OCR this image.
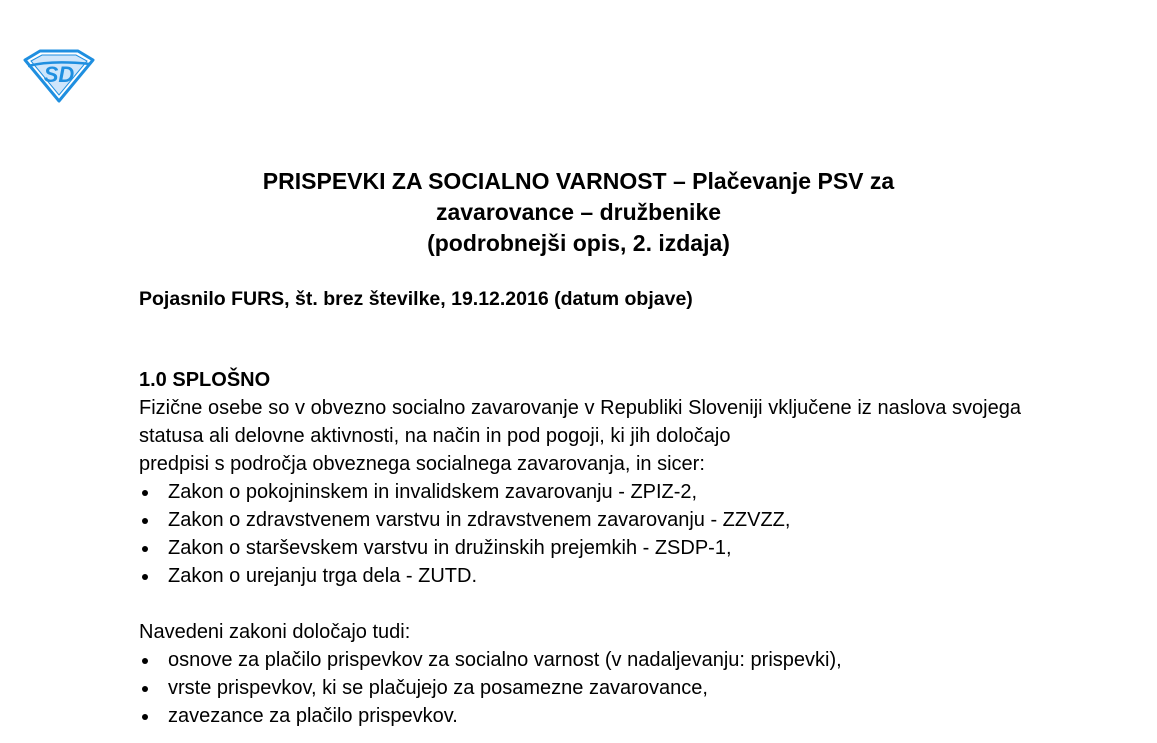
SD
PRISPEVKI ZA SOCIALNO VARNOST – Plačevanje PSV za
zavarovance – družbenike
(podrobnejši opis, 2. izdaja)
Pojasnilo FURS, št. brez številke, 19.12.2016 (datum objave)
1.0 SPLOŠNO
Fizične osebe so v obvezno socialno zavarovanje v Republiki Sloveniji vključene iz naslova svojega statusa ali delovne aktivnosti, na način in pod pogoji, ki jih določajo
predpisi s področja obveznega socialnega zavarovanja, in sicer:
Zakon o pokojninskem in invalidskem zavarovanju - ZPIZ-2,
Zakon o zdravstvenem varstvu in zdravstvenem zavarovanju - ZZVZZ,
Zakon o starševskem varstvu in družinskih prejemkih - ZSDP-1,
Zakon o urejanju trga dela - ZUTD.
Navedeni zakoni določajo tudi:
osnove za plačilo prispevkov za socialno varnost (v nadaljevanju: prispevki),
vrste prispevkov, ki se plačujejo za posamezne zavarovance,
zavezance za plačilo prispevkov.
